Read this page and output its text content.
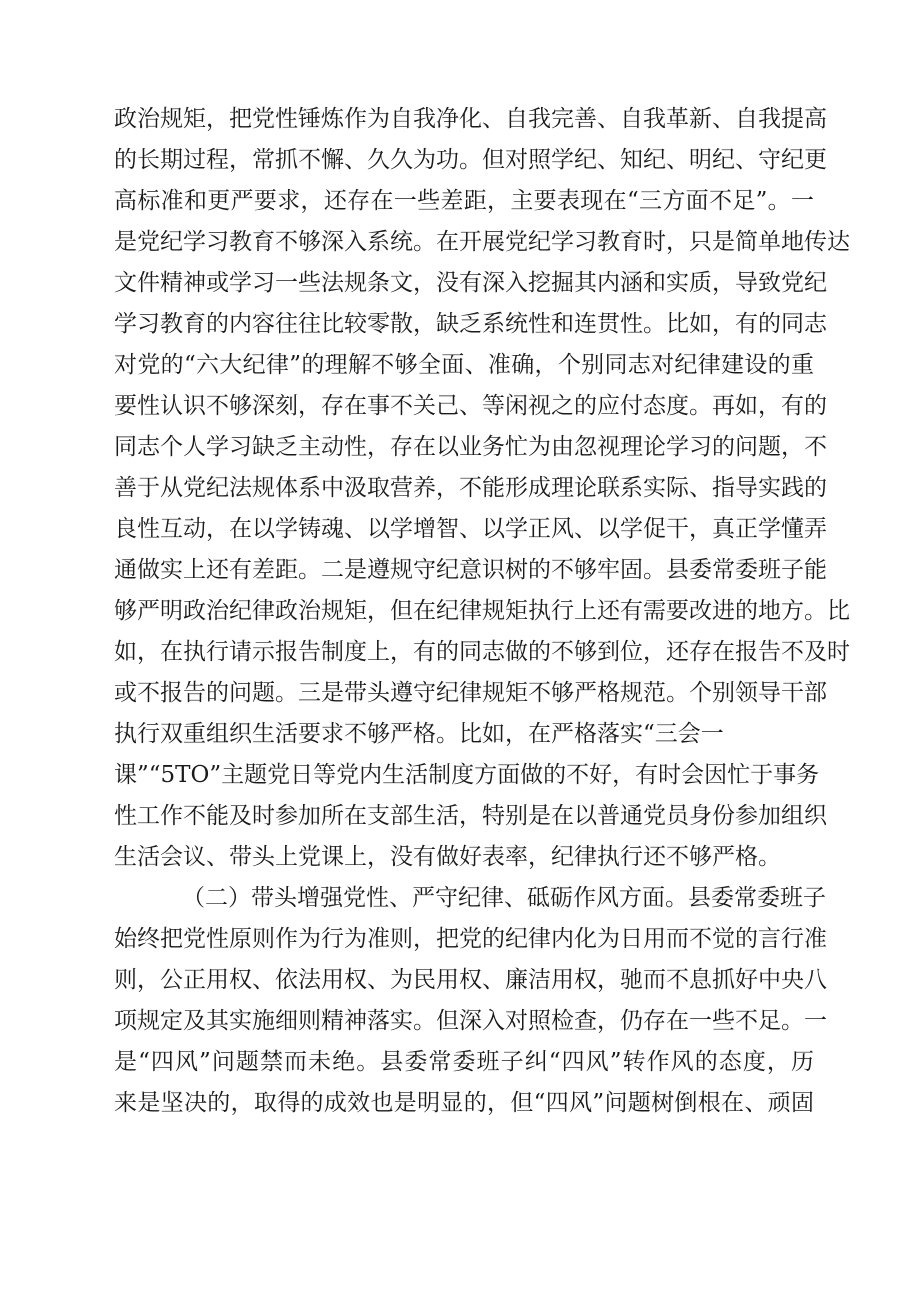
政治规矩，把党性锤炼作为自我净化、自我完善、自我革新、自我提高
的长期过程，常抓不懈、久久为功。但对照学纪、知纪、明纪、守纪更
高标准和更严要求，还存在一些差距，主要表现在“三方面不足”。一
是党纪学习教育不够深入系统。在开展党纪学习教育时，只是简单地传达
文件精神或学习一些法规条文，没有深入挖掘其内涵和实质，导致党纪
学习教育的内容往往比较零散，缺乏系统性和连贯性。比如，有的同志
对党的“六大纪律”的理解不够全面、准确，个别同志对纪律建设的重
要性认识不够深刻，存在事不关己、等闲视之的应付态度。再如，有的
同志个人学习缺乏主动性，存在以业务忙为由忽视理论学习的问题，不
善于从党纪法规体系中汲取营养，不能形成理论联系实际、指导实践的
良性互动，在以学铸魂、以学增智、以学正风、以学促干，真正学懂弄
通做实上还有差距。二是遵规守纪意识树的不够牢固。县委常委班子能
够严明政治纪律政治规矩，但在纪律规矩执行上还有需要改进的地方。比
如，在执行请示报告制度上，有的同志做的不够到位，还存在报告不及时
或不报告的问题。三是带头遵守纪律规矩不够严格规范。个别领导干部
执行双重组织生活要求不够严格。比如，在严格落实“三会一
课”“5TO”主题党日等党内生活制度方面做的不好，有时会因忙于事务
性工作不能及时参加所在支部生活，特别是在以普通党员身份参加组织
生活会议、带头上党课上，没有做好表率，纪律执行还不够严格。
（二）带头增强党性、严守纪律、砥砺作风方面。县委常委班子
始终把党性原则作为行为准则，把党的纪律内化为日用而不觉的言行准
则，公正用权、依法用权、为民用权、廉洁用权，驰而不息抓好中央八
项规定及其实施细则精神落实。但深入对照检查，仍存在一些不足。一
是“四风”问题禁而未绝。县委常委班子纠“四风”转作风的态度，历
来是坚决的，取得的成效也是明显的，但“四风”问题树倒根在、顽固
